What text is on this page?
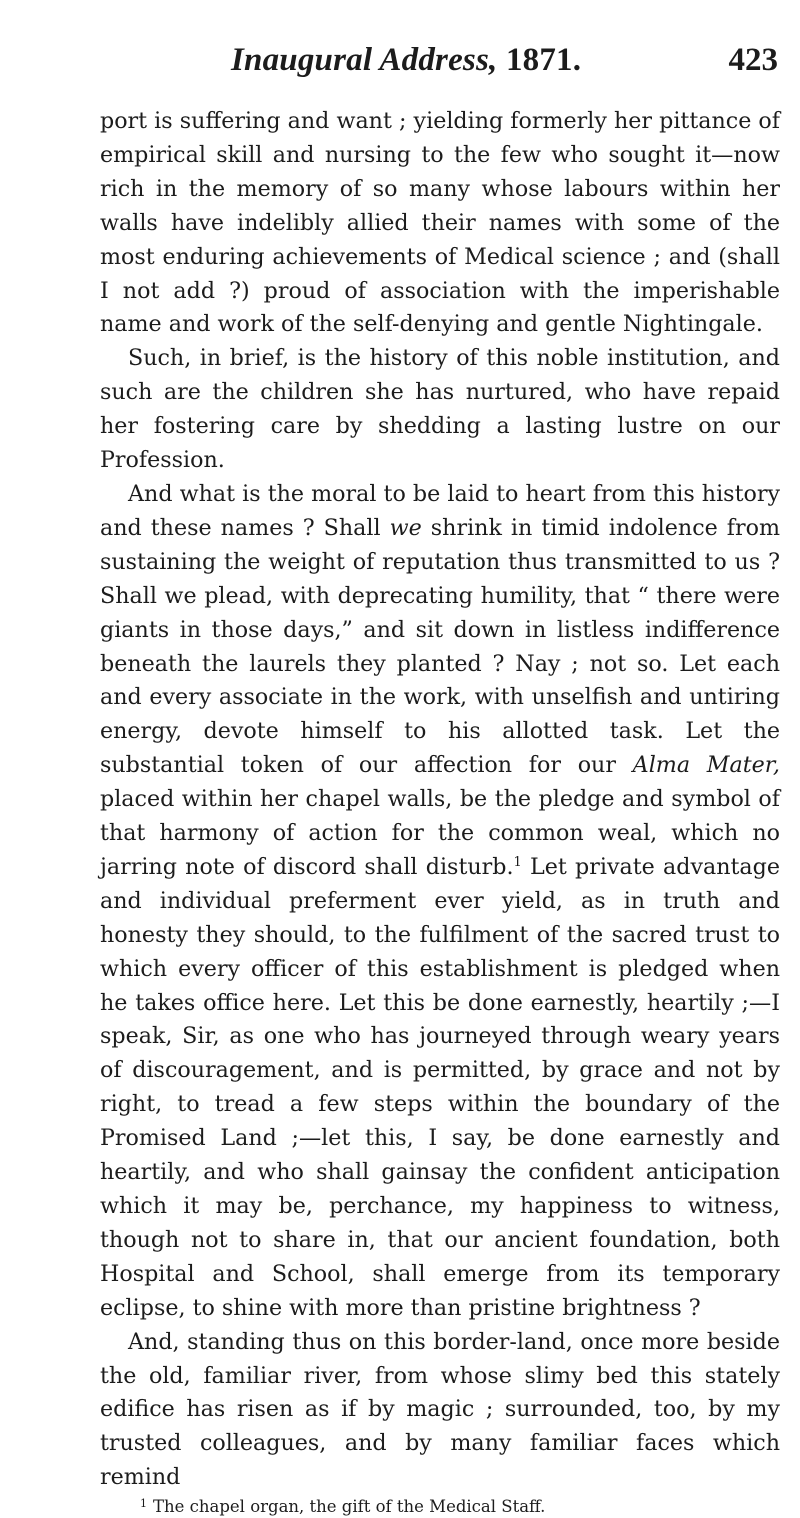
Inaugural Address, 1871.	423

port is suffering and want ; yielding formerly her pittance of empirical skill and nursing to the few who sought it—now rich in the memory of so many whose labours within her walls have indelibly allied their names with some of the most enduring achievements of Medical science ; and (shall I not add ?) proud of association with the imperishable name and work of the self-denying and gentle Nightingale.

Such, in brief, is the history of this noble institution, and such are the children she has nurtured, who have repaid her fostering care by shedding a lasting lustre on our Profession.

And what is the moral to be laid to heart from this history and these names ? Shall we shrink in timid indolence from sustaining the weight of reputation thus transmitted to us ? Shall we plead, with deprecating humility, that “ there were giants in those days,” and sit down in listless indifference beneath the laurels they planted ? Nay ; not so. Let each and every associate in the work, with unselfish and untiring energy, devote himself to his allotted task. Let the substantial token of our affection for our Alma Mater, placed within her chapel walls, be the pledge and symbol of that harmony of action for the common weal, which no jarring note of discord shall disturb.$^1$ Let private advantage and individual preferment ever yield, as in truth and honesty they should, to the fulfilment of the sacred trust to which every officer of this establishment is pledged when he takes office here. Let this be done earnestly, heartily ;—I speak, Sir, as one who has journeyed through weary years of discouragement, and is permitted, by grace and not by right, to tread a few steps within the boundary of the Promised Land ;—let this, I say, be done earnestly and heartily, and who shall gainsay the confident anticipation which it may be, perchance, my happiness to witness, though not to share in, that our ancient foundation, both Hospital and School, shall emerge from its temporary eclipse, to shine with more than pristine brightness ?

And, standing thus on this border-land, once more beside the old, familiar river, from whose slimy bed this stately edifice has risen as if by magic ; surrounded, too, by my trusted colleagues, and by many familiar faces which remind

$^1$ The chapel organ, the gift of the Medical Staff.
